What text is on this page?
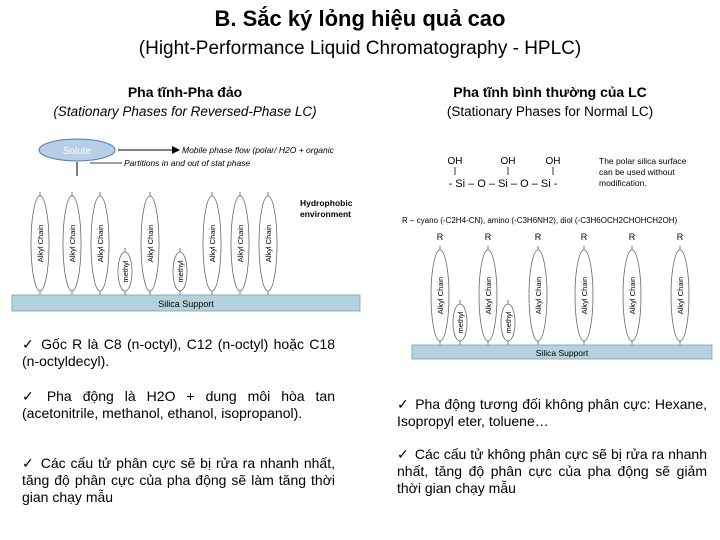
B. Sắc ký lỏng hiệu quả cao
(Hight-Performance Liquid Chromatography - HPLC)
Pha tĩnh-Pha đảo
(Stationary Phases for Reversed-Phase LC)
Pha tĩnh bình thường của LC
(Stationary Phases for Normal LC)
Solute	Mobile phase flow (polar/ H2O + organic
Partitions in and out of stat phase
Hydrophobic
environment
Alkyl Chain	Alkyl Chain	Alkyl Chain	Alkyl Chain	Alkyl Chain	Alkyl Chain	Alkyl Chain
methyl	methyl
Silica Support
OH	OH	OH
- Si – O – Si – O – Si -
The polar silica surface
can be used without
modification.
R – cyano (-C2H4-CN), amino (-C3H6NH2), diol (-C3H6OCH2CHOHCH2OH)
R
Alkyl Chain
R
Alkyl Chain
R
Alkyl Chain
R
Alkyl Chain
R
Alkyl Chain
R
Alkyl Chain
methyl	methyl
Silica Support
✓ Gốc R là C8 (n-octyl), C12 (n-octyl) hoặc C18 (n-octyldecyl).
✓ Pha động là H2O + dung môi hòa tan (acetonitrile, methanol, ethanol, isopropanol).
✓ Các cấu tử phân cực sẽ bị rửa ra nhanh nhất, tăng độ phân cực của pha động sẽ làm tăng thời gian chạy mẫu
✓ Pha động tương đối không phân cực: Hexane, Isopropyl eter, toluene…
✓ Các cấu tử không phân cực sẽ bị rửa ra nhanh nhất, tăng độ phân cực của pha động sẽ giảm thời gian chạy mẫu
